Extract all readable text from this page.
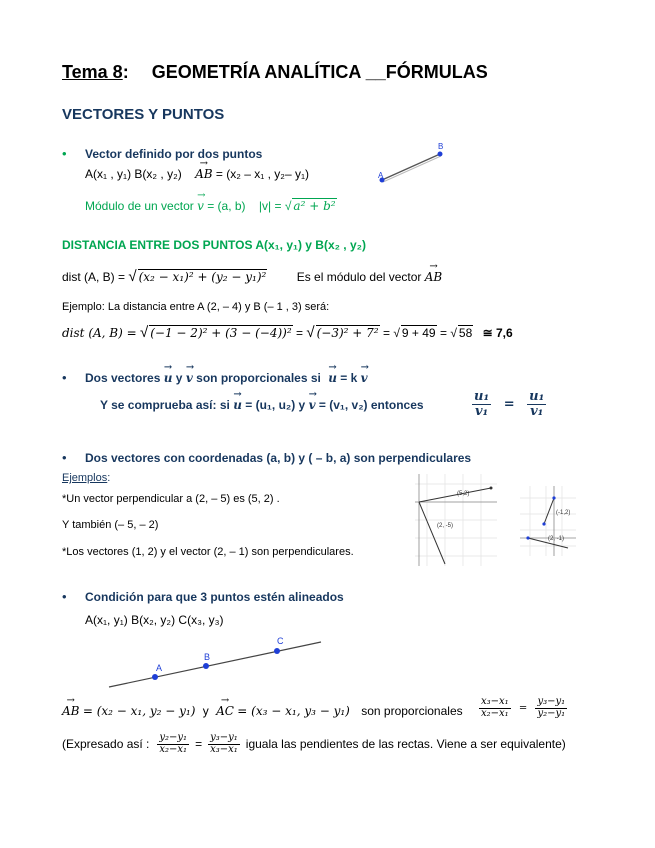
Tema 8: GEOMETRÍA ANALÍTICA __FÓRMULAS
VECTORES Y PUNTOS
• Vector definido por dos puntos
A(x₁ , y₁) B(x₂ , y₂) → AB = (x₂ – x₁ , y₂– y₁)
Módulo de un vector → v = (a, b) |v| = √ a² + b²
A
B
DISTANCIA ENTRE DOS PUNTOS A(x₁, y₁) y B(x₂ , y₂)
dist (A, B) = √ (x₂ − x₁)² + (y₂ − y₁)²	Es el módulo del vector → AB
Ejemplo: La distancia entre A (2, – 4) y B (– 1 , 3) será:
dist (A, B) = √ (−1 − 2)² + (3 − (−4))² = √ (−3)² + 7² = √ 9 + 49 = √ 58 ≅ 7,6
• Dos vectores → u y → v son proporcionales si → u = k → v
Y se comprueba así: si → u = (u₁, u₂) y → v = (v₁, v₂) entonces	$\frac{\text{u₁}}{\text{v₁}} = \frac{\text{u₁}}{\text{v₁}}$
• Dos vectores con coordenadas (a, b) y ( – b, a) son perpendiculares
Ejemplos:
*Un vector perpendicular a (2, – 5) es (5, 2) .
Y también (– 5, – 2)
*Los vectores (1, 2) y el vector (2, – 1) son perpendiculares.
(5,2)
(2, -5)
(-1,2)
(2, -1)
• Condición para que 3 puntos estén alineados
A(x₁, y₁) B(x₂, y₂) C(x₃, y₃)
A
B
C
→ AB = (x₂ − x₁, y₂ − y₁) y → AC = (x₃ − x₁, y₃ − y₁) son proporcionales $\frac{\text{x₃−x₁}}{\text{x₂−x₁}} = \frac{\text{y₃−y₁}}{\text{y₂−y₁}}$
(Expresado así : $\frac{\text{y₂−y₁}}{\text{x₂−x₁}} = \frac{\text{y₃−y₁}}{\text{x₃−x₁}}$ iguala las pendientes de las rectas. Viene a ser equivalente)
